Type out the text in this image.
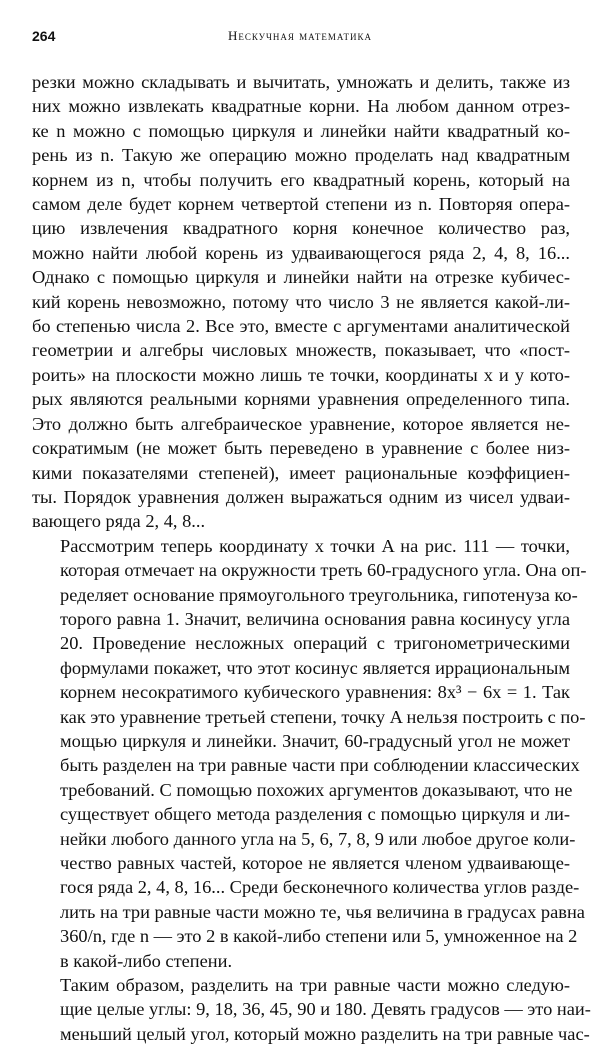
264	Нескучная математика

резки можно складывать и вычитать, умножать и делить, также из
них можно извлекать квадратные корни. На любом данном отрез-
ке n можно с помощью циркуля и линейки найти квадратный ко-
рень из n. Такую же операцию можно проделать над квадратным
корнем из n, чтобы получить его квадратный корень, который на
самом деле будет корнем четвертой степени из n. Повторяя опера-
цию извлечения квадратного корня конечное количество раз,
можно найти любой корень из удваивающегося ряда 2, 4, 8, 16...
Однако с помощью циркуля и линейки найти на отрезке кубичес-
кий корень невозможно, потому что число 3 не является какой-ли-
бо степенью числа 2. Все это, вместе с аргументами аналитической
геометрии и алгебры числовых множеств, показывает, что «пост-
роить» на плоскости можно лишь те точки, координаты x и y кото-
рых являются реальными корнями уравнения определенного типа.
Это должно быть алгебраическое уравнение, которое является не-
сократимым (не может быть переведено в уравнение с более низ-
кими показателями степеней), имеет рациональные коэффициен-
ты. Порядок уравнения должен выражаться одним из чисел удваи-
вающего ряда 2, 4, 8...

Рассмотрим теперь координату x точки A на рис. 111 — точки,
которая отмечает на окружности треть 60-градусного угла. Она оп-
ределяет основание прямоугольного треугольника, гипотенуза ко-
торого равна 1. Значит, величина основания равна косинусу угла
20. Проведение несложных операций с тригонометрическими
формулами покажет, что этот косинус является иррациональным
корнем несократимого кубического уравнения: 8x³ − 6x = 1. Так
как это уравнение третьей степени, точку A нельзя построить с по-
мощью циркуля и линейки. Значит, 60-градусный угол не может
быть разделен на три равные части при соблюдении классических
требований. С помощью похожих аргументов доказывают, что не
существует общего метода разделения с помощью циркуля и ли-
нейки любого данного угла на 5, 6, 7, 8, 9 или любое другое коли-
чество равных частей, которое не является членом удваивающе-
гося ряда 2, 4, 8, 16... Среди бесконечного количества углов разде-
лить на три равные части можно те, чья величина в градусах равна
360/n, где n — это 2 в какой-либо степени или 5, умноженное на 2
в какой-либо степени.

Таким образом, разделить на три равные части можно следую-
щие целые углы: 9, 18, 36, 45, 90 и 180. Девять градусов — это наи-
меньший целый угол, который можно разделить на три равные час-
